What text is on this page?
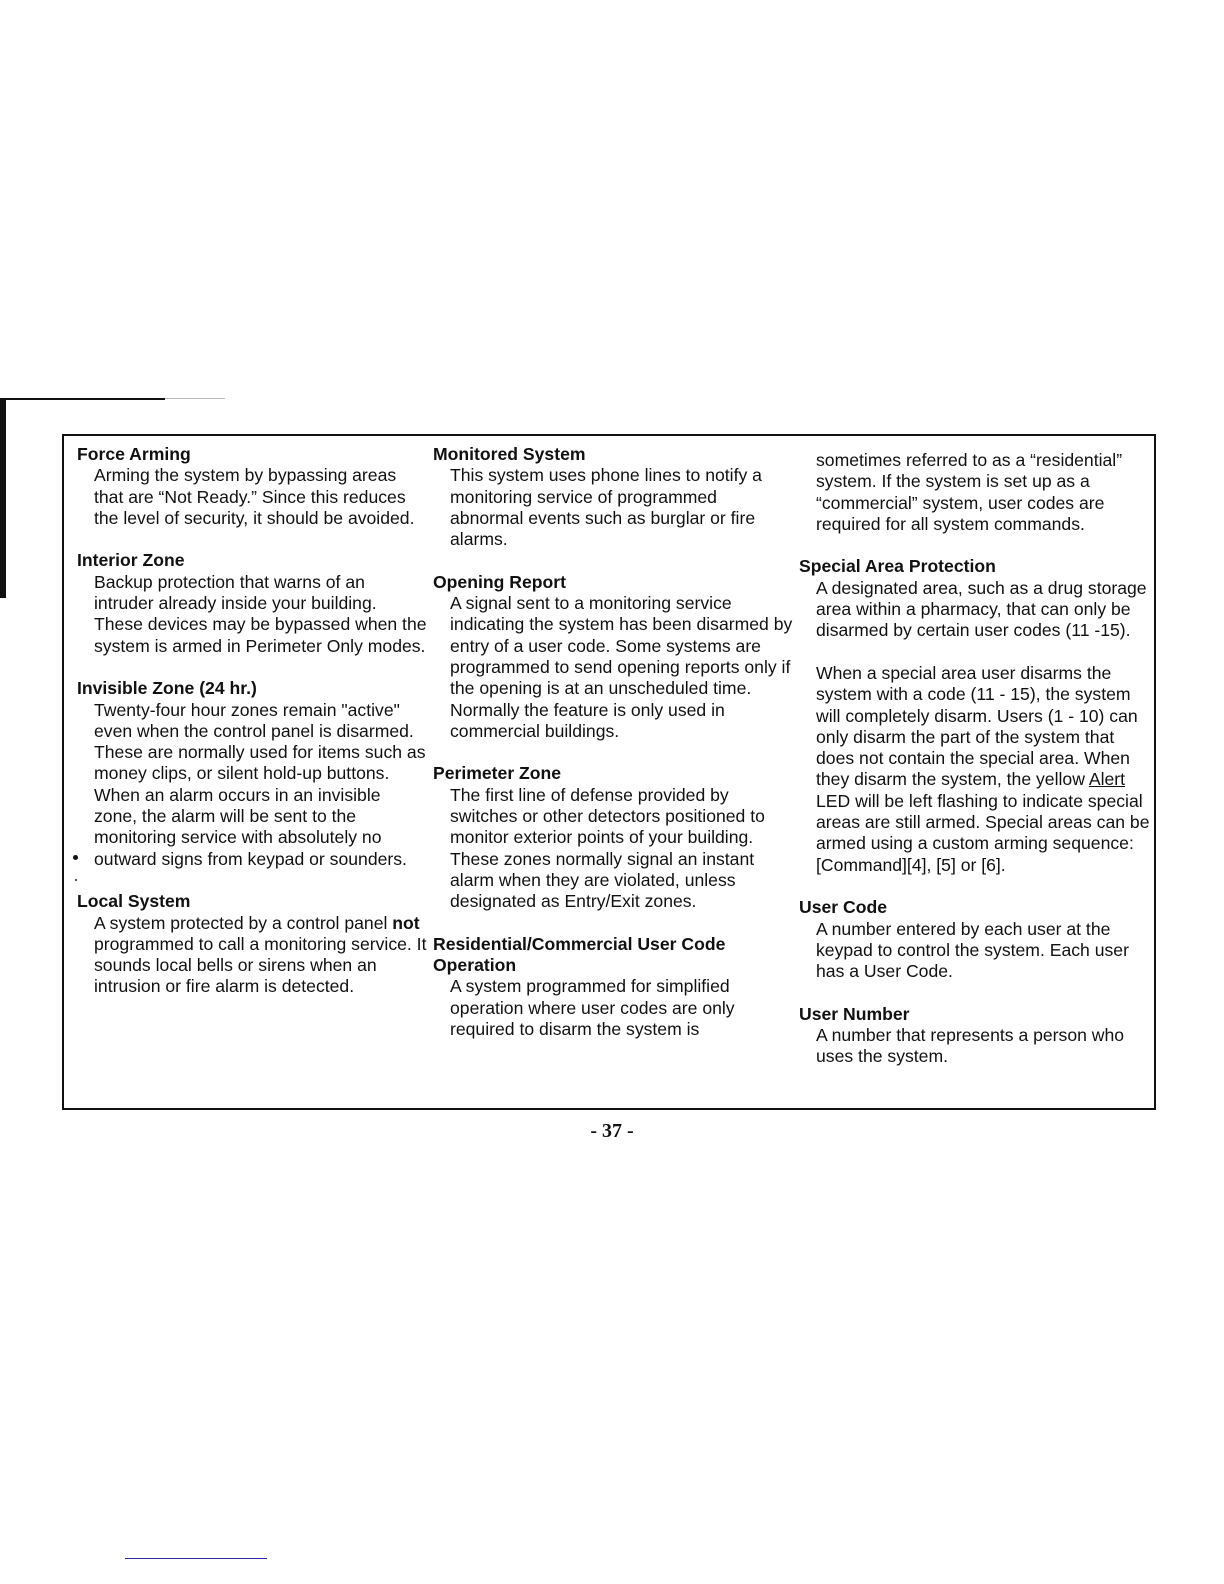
Force Arming
Arming the system by bypassing areas that are “Not Ready.” Since this reduces the level of security, it should be avoided.
Interior Zone
Backup protection that warns of an intruder already inside your building. These devices may be bypassed when the system is armed in Perimeter Only modes.
Invisible Zone (24 hr.)
Twenty-four hour zones remain "active" even when the control panel is disarmed. These are normally used for items such as money clips, or silent hold-up buttons. When an alarm occurs in an invisible zone, the alarm will be sent to the monitoring service with absolutely no outward signs from keypad or sounders.
Local System
A system protected by a control panel not programmed to call a monitoring service. It sounds local bells or sirens when an intrusion or fire alarm is detected.
Monitored System
This system uses phone lines to notify a monitoring service of programmed abnormal events such as burglar or fire alarms.
Opening Report
A signal sent to a monitoring service indicating the system has been disarmed by entry of a user code. Some systems are programmed to send opening reports only if the opening is at an unscheduled time. Normally the feature is only used in commercial buildings.
Perimeter Zone
The first line of defense provided by switches or other detectors positioned to monitor exterior points of your building. These zones normally signal an instant alarm when they are violated, unless designated as Entry/Exit zones.
Residential/Commercial User Code Operation
A system programmed for simplified operation where user codes are only required to disarm the system is
sometimes referred to as a “residential” system. If the system is set up as a “commercial” system, user codes are required for all system commands.
Special Area Protection
A designated area, such as a drug storage area within a pharmacy, that can only be disarmed by certain user codes (11 -15).
When a special area user disarms the system with a code (11 - 15), the system will completely disarm. Users (1 - 10) can only disarm the part of the system that does not contain the special area. When they disarm the system, the yellow Alert LED will be left flashing to indicate special areas are still armed. Special areas can be armed using a custom arming sequence: [Command][4], [5] or [6].
User Code
A number entered by each user at the keypad to control the system. Each user has a User Code.
User Number
A number that represents a person who uses the system.
- 37 -
